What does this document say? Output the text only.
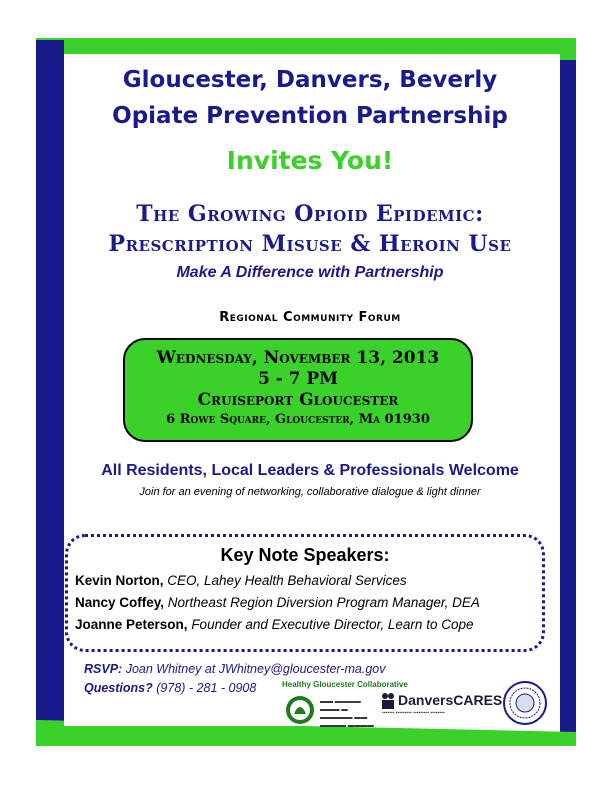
Gloucester, Danvers, Beverly
Opiate Prevention Partnership
Invites You!
The Growing Opioid Epidemic:
Prescription Misuse & Heroin Use
Make A Difference with Partnership
Regional Community Forum
Wednesday, November 13, 2013
5 - 7 PM
Cruiseport Gloucester
6 Rowe Square, Gloucester, Ma 01930
All Residents, Local Leaders & Professionals Welcome
Join for an evening of networking, collaborative dialogue & light dinner
Key Note Speakers:
Kevin Norton, CEO, Lahey Health Behavioral Services
Nancy Coffey, Northeast Region Diversion Program Manager, DEA
Joanne Peterson, Founder and Executive Director, Learn to Cope
RSVP: Joan Whitney at JWhitney@gloucester-ma.gov
Questions? (978) - 281 - 0908	Healthy Gloucester Collaborative
▬▬ ▬▬▬▬
▬▬▬ ▬ ▬▬▬▬▬ ▬▬
▬▬▬▬ ▬▬▬▬
DanversCARES
▪▪▪▪▪▪▪ ▪▪▪▪▪▪▪▪▪ ▪▪▪▪▪▪▪▪▪ ▪▪▪▪▪▪▪▪
